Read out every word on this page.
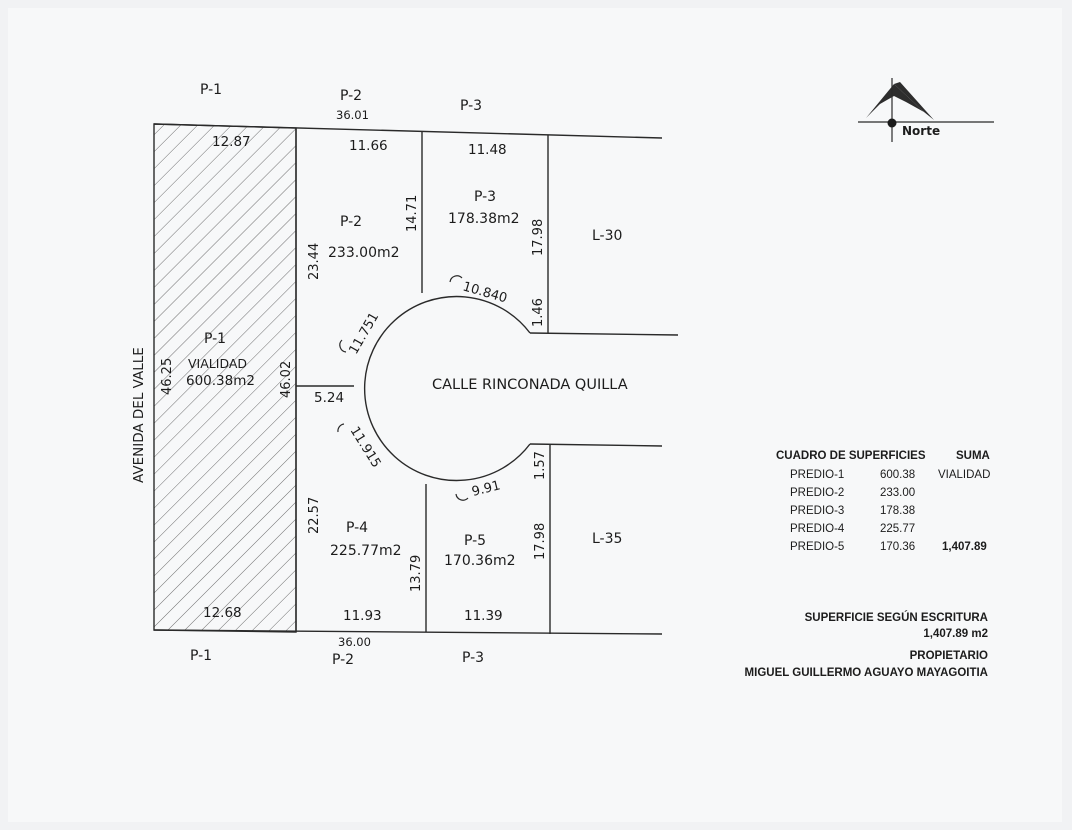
Norte
P-1	P-2
P-3
P-1	P-2	P-3
L-30
L-35
CALLE RINCONADA QUILLA
AVENIDA DEL VALLE
P-1
VIALIDAD
600.38m2
P-2
233.00m2
P-3
178.38m2
P-4
225.77m2
P-5
170.36m2
36.01
36.00
12.87
12.68
11.66	11.48
5.24
11.93	11.39
46.25	46.02
23.44
14.71
17.98
1.46
22.57
13.79
1.57
17.98
10.840
11.751
11.915
9.91
CUADRO DE SUPERFICIES	SUMA
PREDIO-1	600.38 VIALIDAD
PREDIO-2	233.00
PREDIO-3	178.38
PREDIO-4	225.77
PREDIO-5	170.36 1,407.89
SUPERFICIE SEGÚN ESCRITURA
1,407.89 m2
PROPIETARIO
MIGUEL GUILLERMO AGUAYO MAYAGOITIA
